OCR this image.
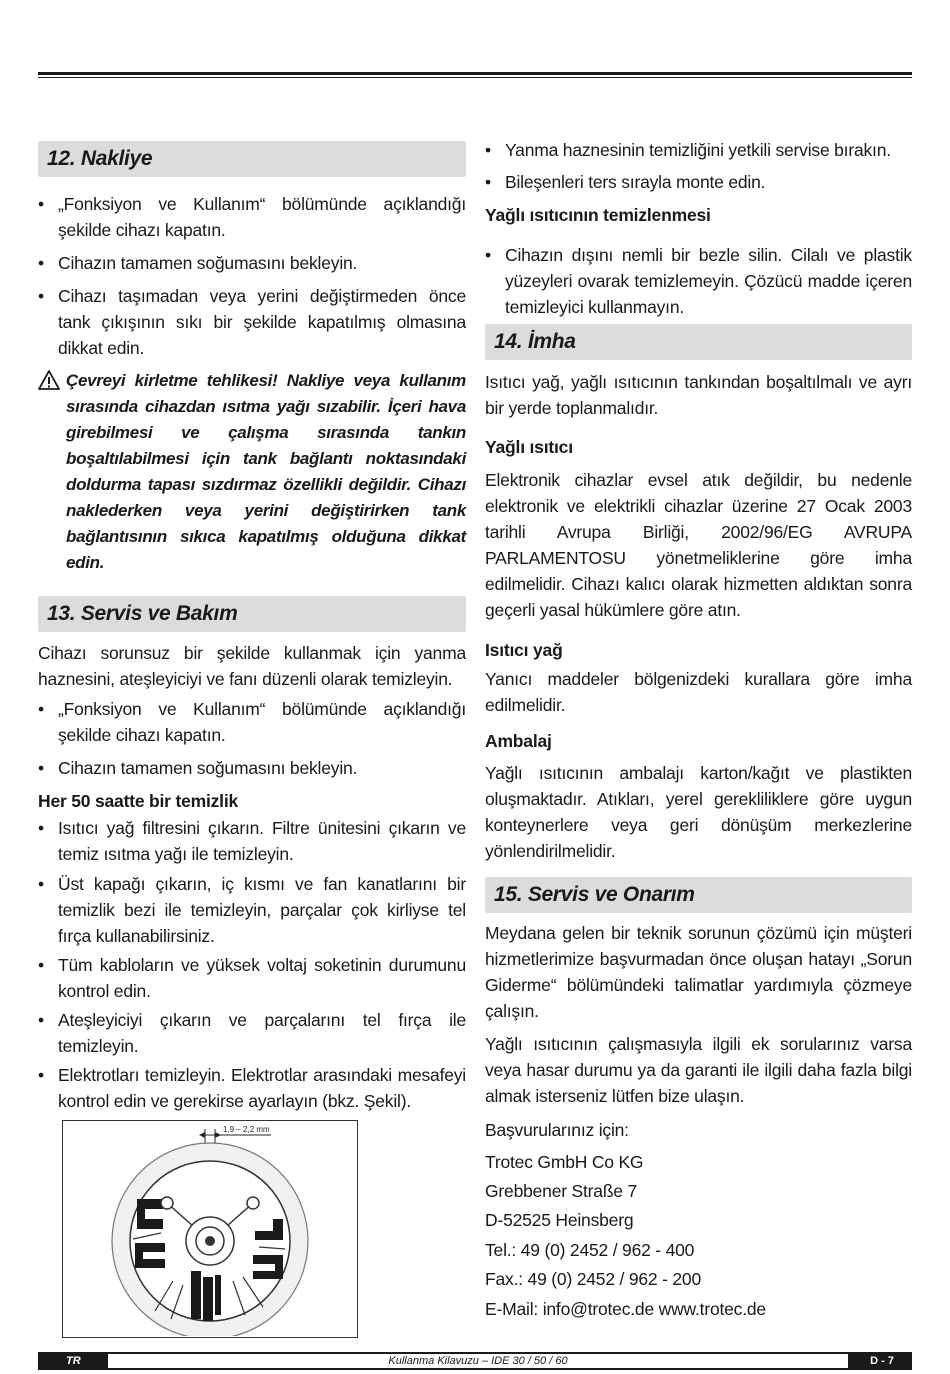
12. Nakliye
• „Fonksiyon ve Kullanım“ bölümünde açıklandığı şekilde cihazı kapatın.
• Cihazın tamamen soğumasını bekleyin.
• Cihazı taşımadan veya yerini değiştirmeden önce tank çıkışının sıkı bir şekilde kapatılmış olmasına dikkat edin.
Çevreyi kirletme tehlikesi! Nakliye veya kullanım sırasında cihazdan ısıtma yağı sızabilir. İçeri hava girebilmesi ve çalışma sırasında tankın boşaltılabilmesi için tank bağlantı noktasındaki doldurma tapası sızdırmaz özellikli değildir. Cihazı naklederken veya yerini değiştirirken tank bağlantısının sıkıca kapatılmış olduğuna dikkat edin.
13. Servis ve Bakım
Cihazı sorunsuz bir şekilde kullanmak için yanma haznesini, ateşleyiciyi ve fanı düzenli olarak temizleyin.
• „Fonksiyon ve Kullanım“ bölümünde açıklandığı şekilde cihazı kapatın.
• Cihazın tamamen soğumasını bekleyin.
Her 50 saatte bir temizlik
• Isıtıcı yağ filtresini çıkarın. Filtre ünitesini çıkarın ve temiz ısıtma yağı ile temizleyin.
• Üst kapağı çıkarın, iç kısmı ve fan kanatlarını bir temizlik bezi ile temizleyin, parçalar çok kirliyse tel fırça kullanabilirsiniz.
• Tüm kabloların ve yüksek voltaj soketinin durumunu kontrol edin.
• Ateşleyiciyi çıkarın ve parçalarını tel fırça ile temizleyin.
• Elektrotları temizleyin. Elektrotlar arasındaki mesafeyi kontrol edin ve gerekirse ayarlayın (bkz. Şekil).
1,9 – 2,2 mm
• Yanma haznesinin temizliğini yetkili servise bırakın.
• Bileşenleri ters sırayla monte edin.
Yağlı ısıtıcının temizlenmesi
• Cihazın dışını nemli bir bezle silin. Cilalı ve plastik yüzeyleri ovarak temizlemeyin. Çözücü madde içeren temizleyici kullanmayın.
14. İmha
Isıtıcı yağ, yağlı ısıtıcının tankından boşaltılmalı ve ayrı bir yerde toplanmalıdır.
Yağlı ısıtıcı
Elektronik cihazlar evsel atık değildir, bu nedenle elektronik ve elektrikli cihazlar üzerine 27 Ocak 2003 tarihli Avrupa Birliği, 2002/96/EG AVRUPA PARLAMENTOSU yönetmeliklerine göre imha edilmelidir. Cihazı kalıcı olarak hizmetten aldıktan sonra geçerli yasal hükümlere göre atın.
Isıtıcı yağ
Yanıcı maddeler bölgenizdeki kurallara göre imha edilmelidir.
Ambalaj
Yağlı ısıtıcının ambalajı karton/kağıt ve plastikten oluşmaktadır. Atıkları, yerel gerekliliklere göre uygun konteynerlere veya geri dönüşüm merkezlerine yönlendirilmelidir.
15. Servis ve Onarım
Meydana gelen bir teknik sorunun çözümü için müşteri hizmetlerimize başvurmadan önce oluşan hatayı „Sorun Giderme“ bölümündeki talimatlar yardımıyla çözmeye çalışın.
Yağlı ısıtıcının çalışmasıyla ilgili ek sorularınız varsa veya hasar durumu ya da garanti ile ilgili daha fazla bilgi almak isterseniz lütfen bize ulaşın.
Başvurularınız için:
Trotec GmbH Co KG
Grebbener Straße 7
D-52525 Heinsberg
Tel.: 49 (0) 2452 / 962 - 400
Fax.: 49 (0) 2452 / 962 - 200
E-Mail: info@trotec.de www.trotec.de
TR	Kullanma Kilavuzu – IDE 30 / 50 / 60	D - 7
